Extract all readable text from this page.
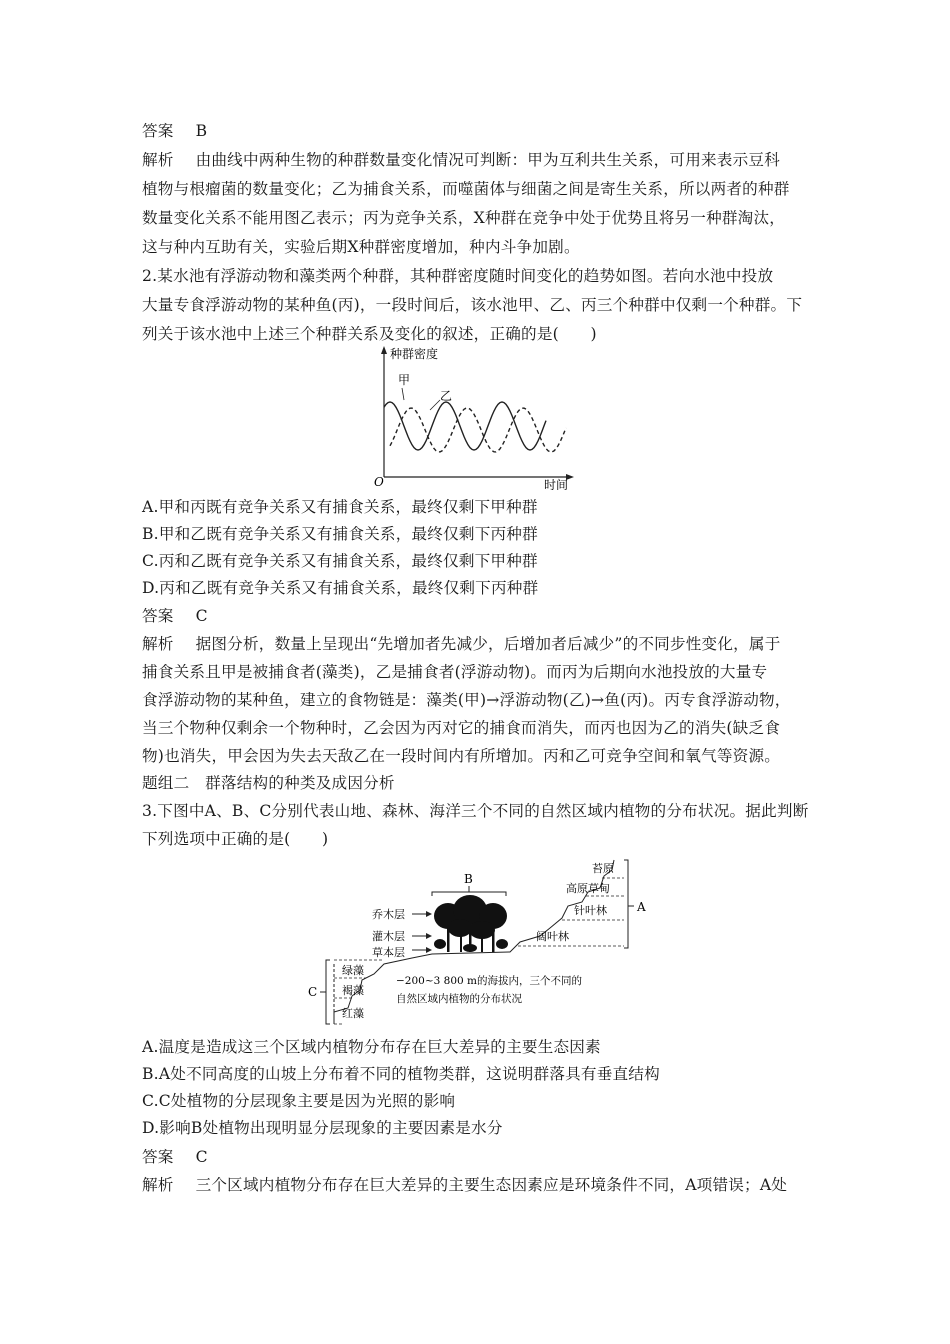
答案 B
解析 由曲线中两种生物的种群数量变化情况可判断：甲为互利共生关系，可用来表示豆科
植物与根瘤菌的数量变化；乙为捕食关系，而噬菌体与细菌之间是寄生关系，所以两者的种群
数量变化关系不能用图乙表示；丙为竞争关系，X种群在竞争中处于优势且将另一种群淘汰，
这与种内互助有关，实验后期X种群密度增加，种内斗争加剧。
2.某水池有浮游动物和藻类两个种群，其种群密度随时间变化的趋势如图。若向水池中投放
大量专食浮游动物的某种鱼(丙)，一段时间后，该水池甲、乙、丙三个种群中仅剩一个种群。下
列关于该水池中上述三个种群关系及变化的叙述，正确的是(　　)
种群密度
时间
O
甲
乙
A.甲和丙既有竞争关系又有捕食关系，最终仅剩下甲种群
B.甲和乙既有竞争关系又有捕食关系，最终仅剩下丙种群
C.丙和乙既有竞争关系又有捕食关系，最终仅剩下甲种群
D.丙和乙既有竞争关系又有捕食关系，最终仅剩下丙种群
答案 C
解析 据图分析，数量上呈现出“先增加者先减少，后增加者后减少”的不同步性变化，属于
捕食关系且甲是被捕食者(藻类)，乙是捕食者(浮游动物)。而丙为后期向水池投放的大量专
食浮游动物的某种鱼，建立的食物链是：藻类(甲)→浮游动物(乙)→鱼(丙)。丙专食浮游动物，
当三个物种仅剩余一个物种时，乙会因为丙对它的捕食而消失，而丙也因为乙的消失(缺乏食
物)也消失，甲会因为失去天敌乙在一段时间内有所增加。丙和乙可竞争空间和氧气等资源。
题组二　群落结构的种类及成因分析
3.下图中A、B、C分别代表山地、森林、海洋三个不同的自然区域内植物的分布状况。据此判断
下列选项中正确的是(　　)
B
乔木层
灌木层
草本层
苔原
高原草甸
针叶林
阔叶林
A
绿藻
褐藻
红藻
C
−200~3 800 m的海拔内，三个不同的
自然区域内植物的分布状况
A.温度是造成这三个区域内植物分布存在巨大差异的主要生态因素
B.A处不同高度的山坡上分布着不同的植物类群，这说明群落具有垂直结构
C.C处植物的分层现象主要是因为光照的影响
D.影响B处植物出现明显分层现象的主要因素是水分
答案 C
解析 三个区域内植物分布存在巨大差异的主要生态因素应是环境条件不同，A项错误；A处
